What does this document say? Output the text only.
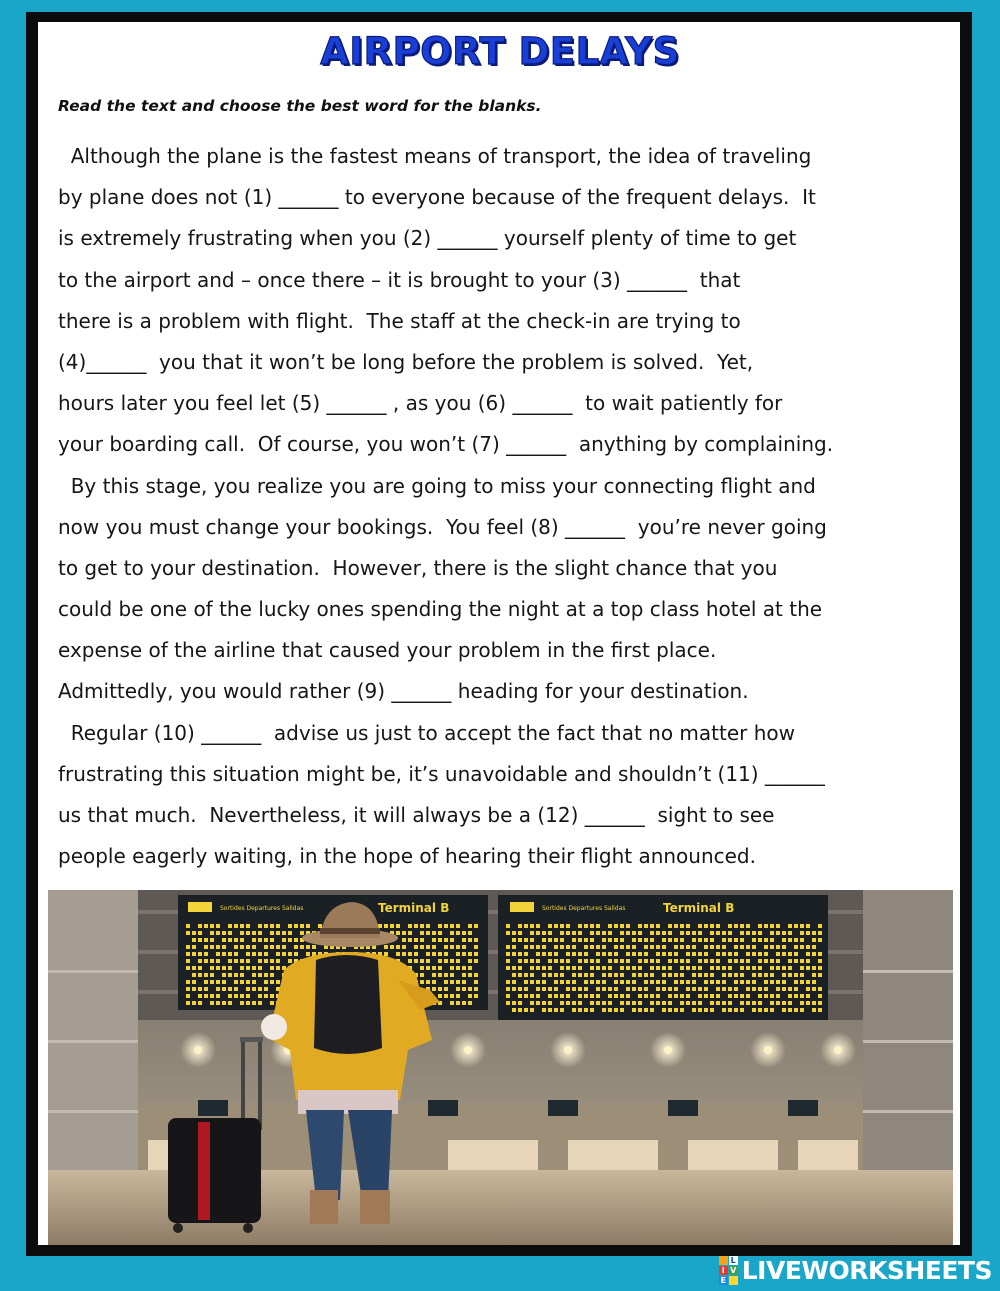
AIRPORT DELAYS
Read the text and choose the best word for the blanks.
Although the plane is the fastest means of transport, the idea of traveling
by plane does not (1) ______ to everyone because of the frequent delays.  It
is extremely frustrating when you (2) ______ yourself plenty of time to get
to the airport and – once there – it is brought to your (3) ______  that
there is a problem with flight.  The staff at the check-in are trying to
(4)______  you that it won’t be long before the problem is solved.  Yet,
hours later you feel let (5) ______ , as you (6) ______  to wait patiently for
your boarding call.  Of course, you won’t (7) ______  anything by complaining.
By this stage, you realize you are going to miss your connecting flight and
now you must change your bookings.  You feel (8) ______  you’re never going
to get to your destination.  However, there is the slight chance that you
could be one of the lucky ones spending the night at a top class hotel at the
expense of the airline that caused your problem in the first place.
Admittedly, you would rather (9) ______ heading for your destination.
Regular (10) ______  advise us just to accept the fact that no matter how
frustrating this situation might be, it’s unavoidable and shouldn’t (11) ______
us that much.  Nevertheless, it will always be a (12) ______  sight to see
people eagerly waiting, in the hope of hearing their flight announced.
Sortides Departures Salidas	Terminal B	Sortides Departures Salidas	Terminal B
L
I V
E LIVEWORKSHEETS
